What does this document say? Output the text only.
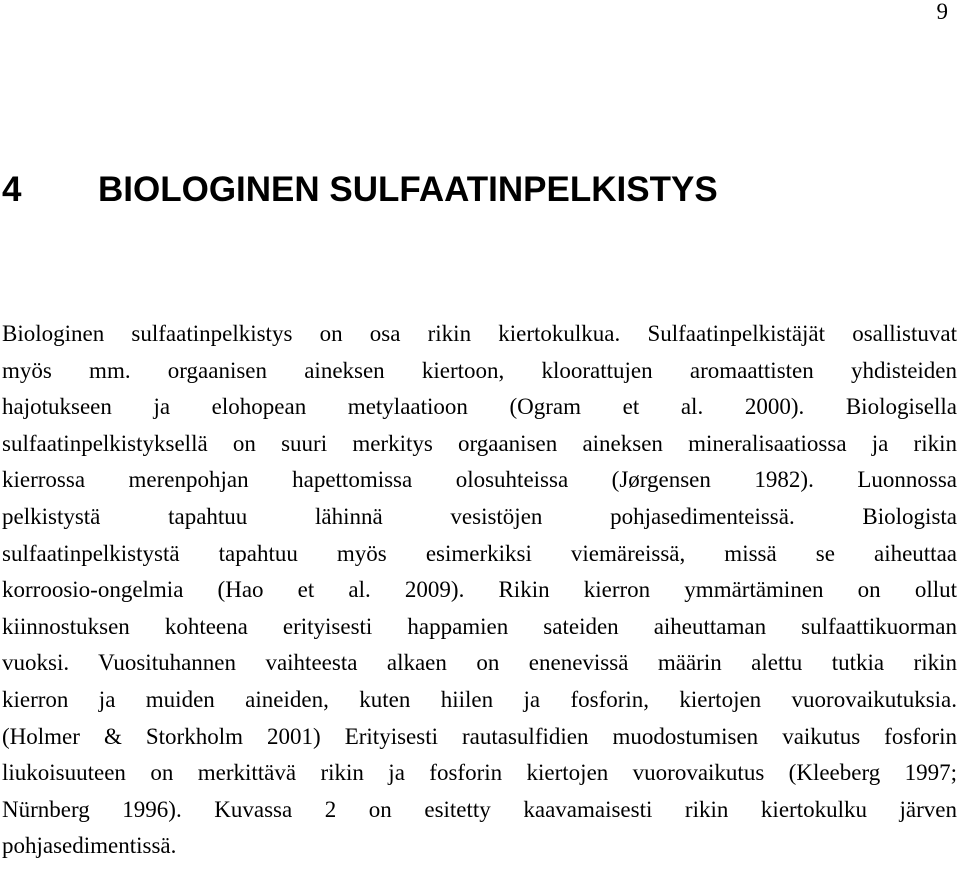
9
4 BIOLOGINEN SULFAATINPELKISTYS
Biologinen sulfaatinpelkistys on osa rikin kiertokulkua. Sulfaatinpelkistäjät osallistuvat
myös mm. orgaanisen aineksen kiertoon, kloorattujen aromaattisten yhdisteiden
hajotukseen ja elohopean metylaatioon (Ogram et al. 2000). Biologisella
sulfaatinpelkistyksellä on suuri merkitys orgaanisen aineksen mineralisaatiossa ja rikin
kierrossa merenpohjan hapettomissa olosuhteissa (Jørgensen 1982). Luonnossa
pelkistystä tapahtuu lähinnä vesistöjen pohjasedimenteissä. Biologista
sulfaatinpelkistystä tapahtuu myös esimerkiksi viemäreissä, missä se aiheuttaa
korroosio-ongelmia (Hao et al. 2009). Rikin kierron ymmärtäminen on ollut
kiinnostuksen kohteena erityisesti happamien sateiden aiheuttaman sulfaattikuorman
vuoksi. Vuosituhannen vaihteesta alkaen on enenevissä määrin alettu tutkia rikin
kierron ja muiden aineiden, kuten hiilen ja fosforin, kiertojen vuorovaikutuksia.
(Holmer & Storkholm 2001) Erityisesti rautasulfidien muodostumisen vaikutus fosforin
liukoisuuteen on merkittävä rikin ja fosforin kiertojen vuorovaikutus (Kleeberg 1997;
Nürnberg 1996). Kuvassa 2 on esitetty kaavamaisesti rikin kiertokulku järven
pohjasedimentissä.
